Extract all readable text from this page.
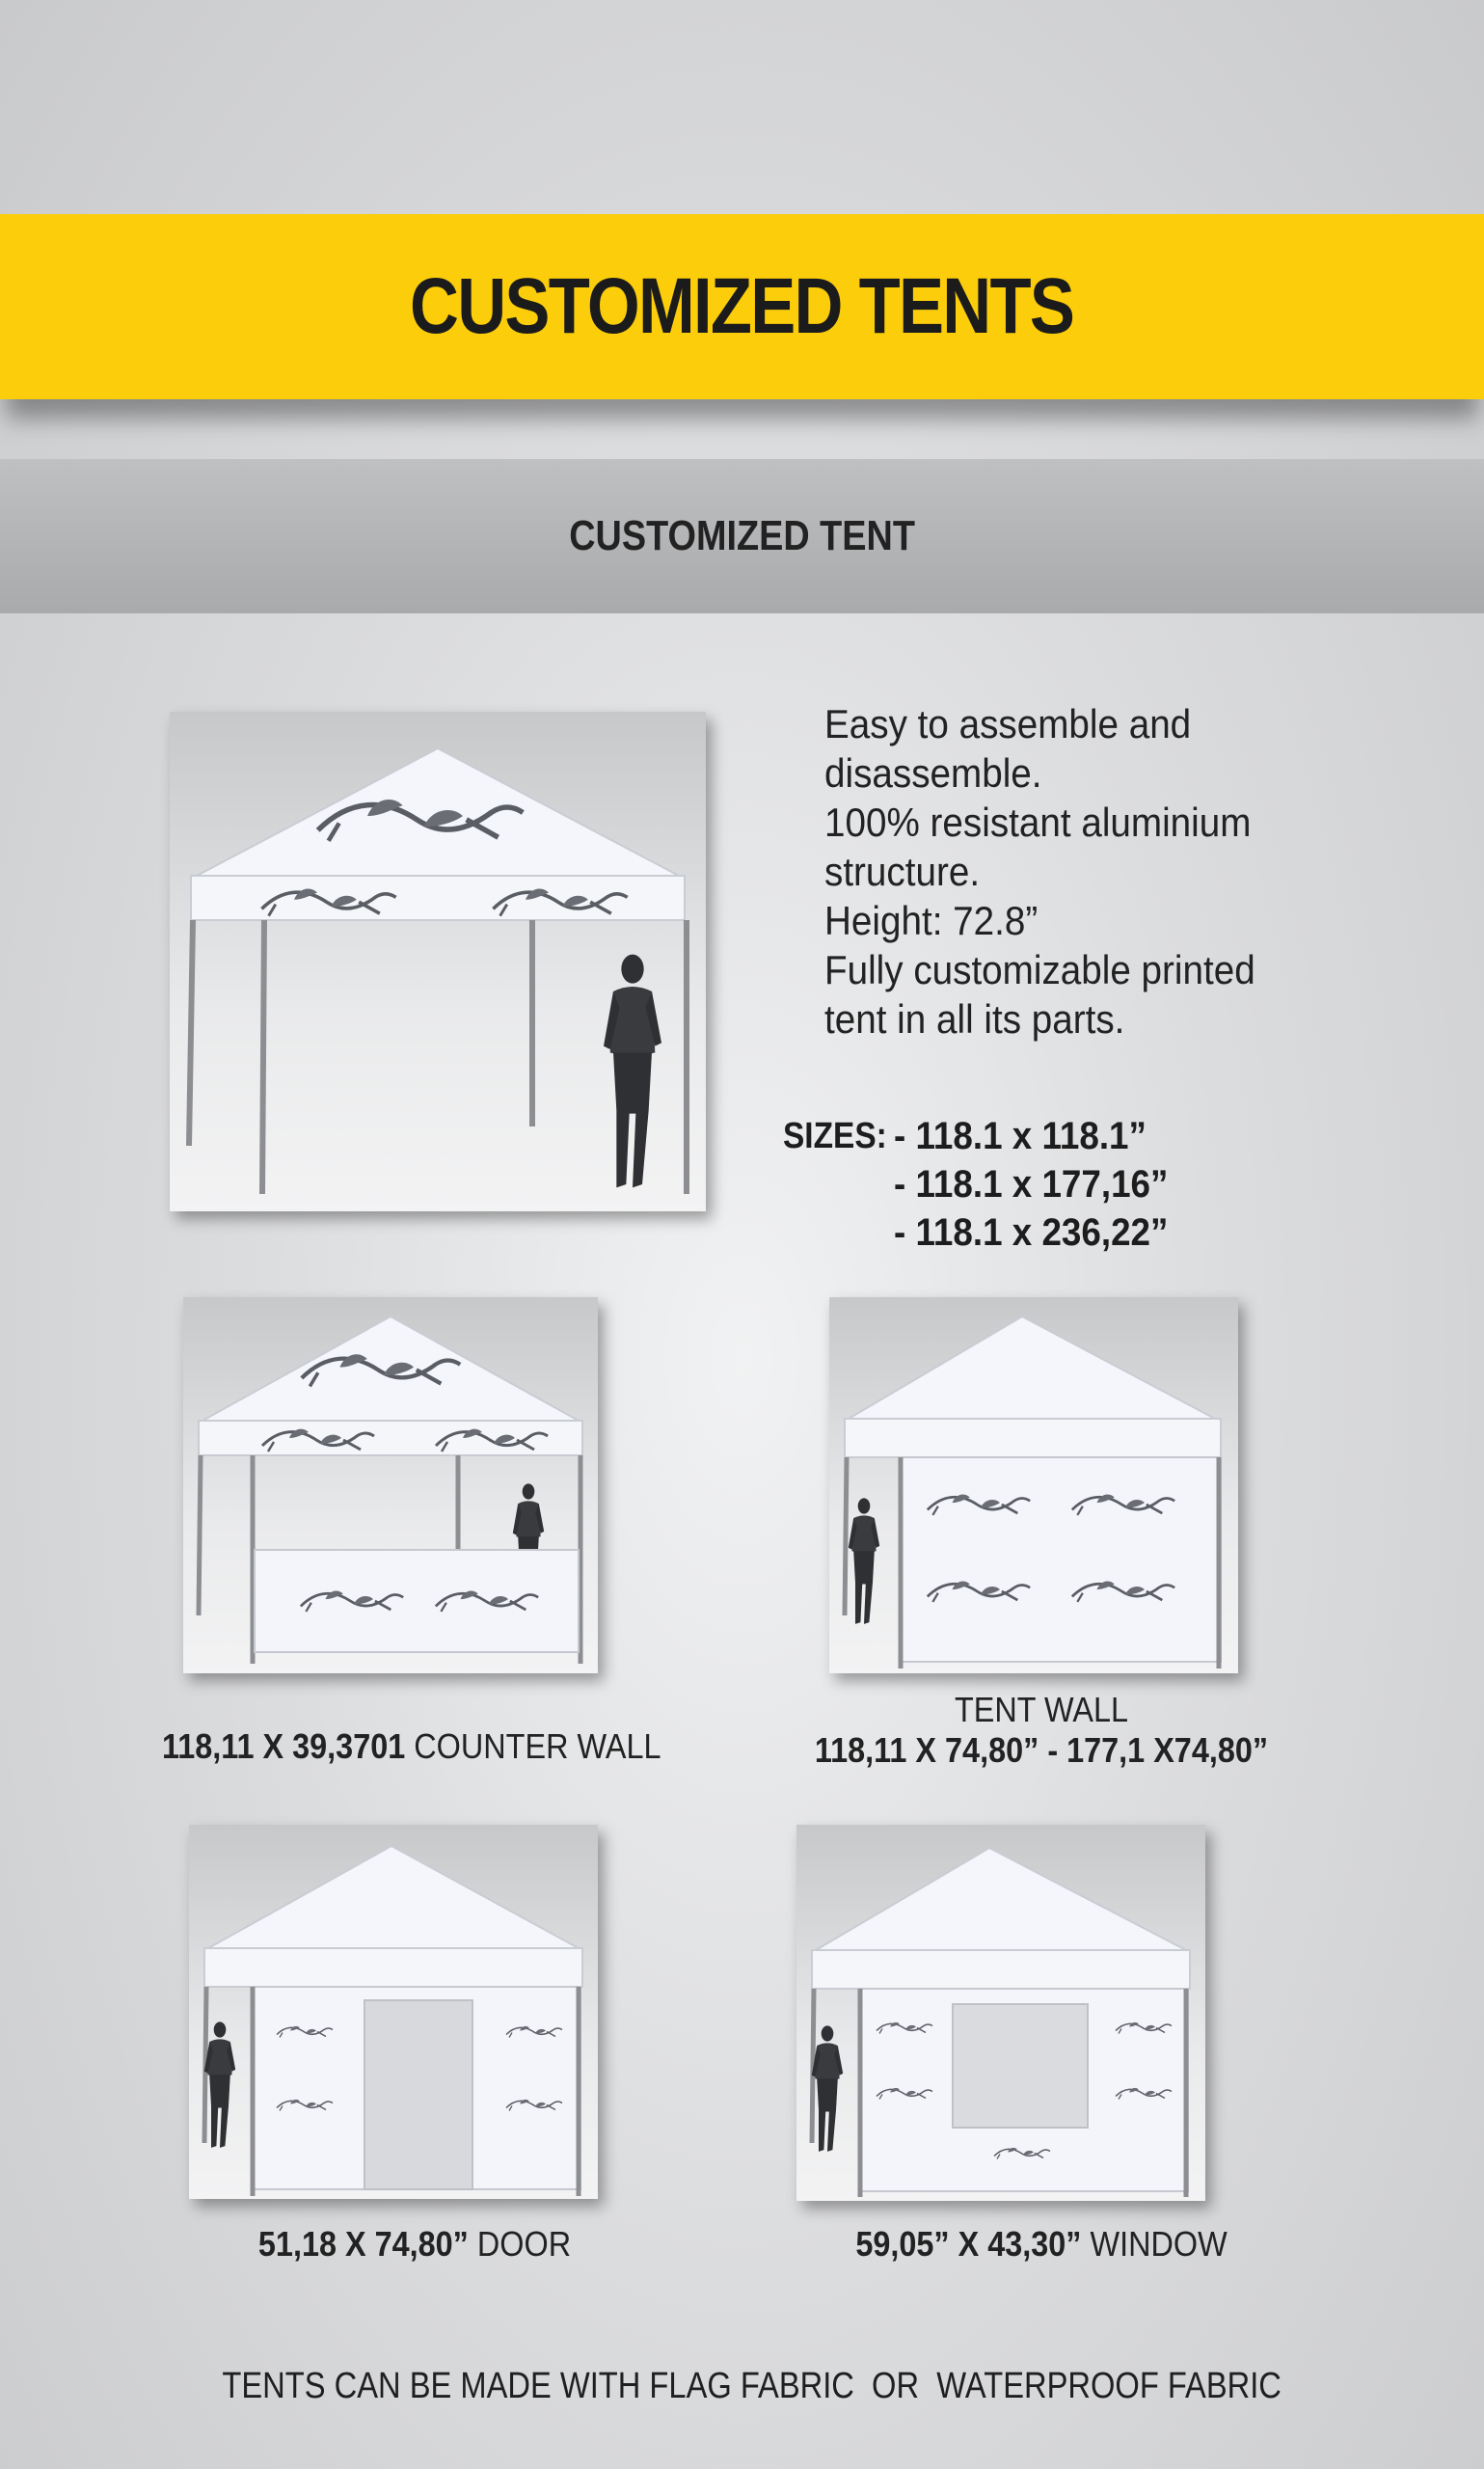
CUSTOMIZED TENTS
CUSTOMIZED TENT
Easy to assemble and
disassemble.
100% resistant aluminium
structure.
Height: 72.8”
Fully customizable printed
tent in all its parts.
SIZES: - 118.1 x 118.1”
- 118.1 x 177,16”
- 118.1 x 236,22”
118,11 X 39,3701 COUNTER WALL
TENT WALL
118,11 X 74,80” - 177,1 X74,80”
51,18 X 74,80” DOOR	59,05” X 43,30” WINDOW

TENTS CAN BE MADE WITH FLAG FABRIC  OR  WATERPROOF FABRIC
